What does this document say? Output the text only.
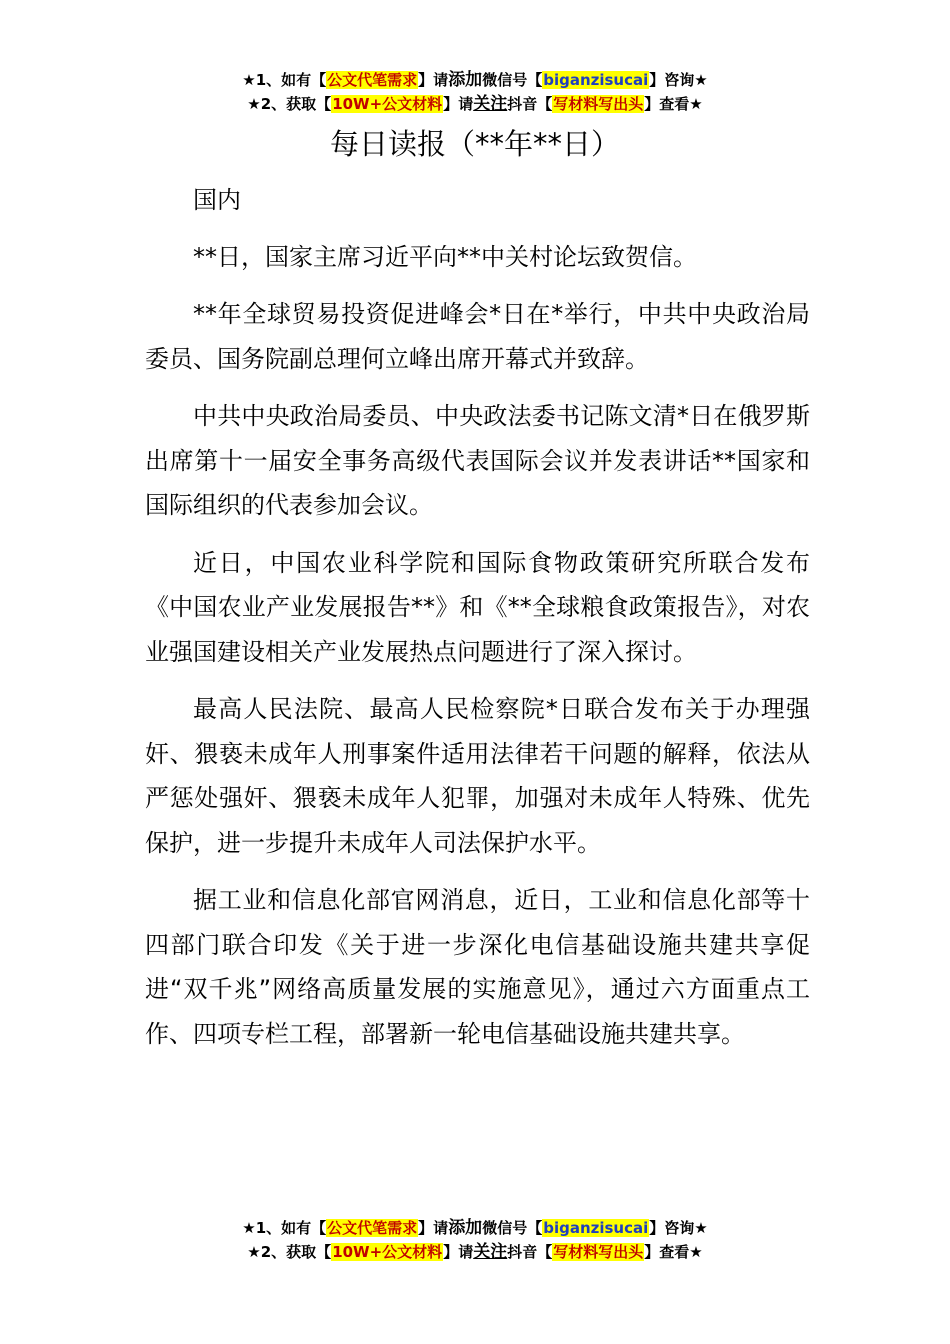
★1、如有【公文代笔需求】请添加微信号【biganzisucai】咨询★
★2、获取【10W+公文材料】请关注抖音【写材料写出头】查看★
每日读报（**年**日）

国内

**日，国家主席习近平向**中关村论坛致贺信。

**年全球贸易投资促进峰会*日在*举行，中共中央政治局委员、国务院副总理何立峰出席开幕式并致辞。

中共中央政治局委员、中央政法委书记陈文清*日在俄罗斯出席第十一届安全事务高级代表国际会议并发表讲话**国家和国际组织的代表参加会议。

近日，中国农业科学院和国际食物政策研究所联合发布《中国农业产业发展报告**》和《**全球粮食政策报告》，对农业强国建设相关产业发展热点问题进行了深入探讨。

最高人民法院、最高人民检察院*日联合发布关于办理强奸、猥亵未成年人刑事案件适用法律若干问题的解释，依法从严惩处强奸、猥亵未成年人犯罪，加强对未成年人特殊、优先保护，进一步提升未成年人司法保护水平。

据工业和信息化部官网消息，近日，工业和信息化部等十四部门联合印发《关于进一步深化电信基础设施共建共享促进“双千兆”网络高质量发展的实施意见》，通过六方面重点工作、四项专栏工程，部署新一轮电信基础设施共建共享。

★1、如有【公文代笔需求】请添加微信号【biganzisucai】咨询★
★2、获取【10W+公文材料】请关注抖音【写材料写出头】查看★
